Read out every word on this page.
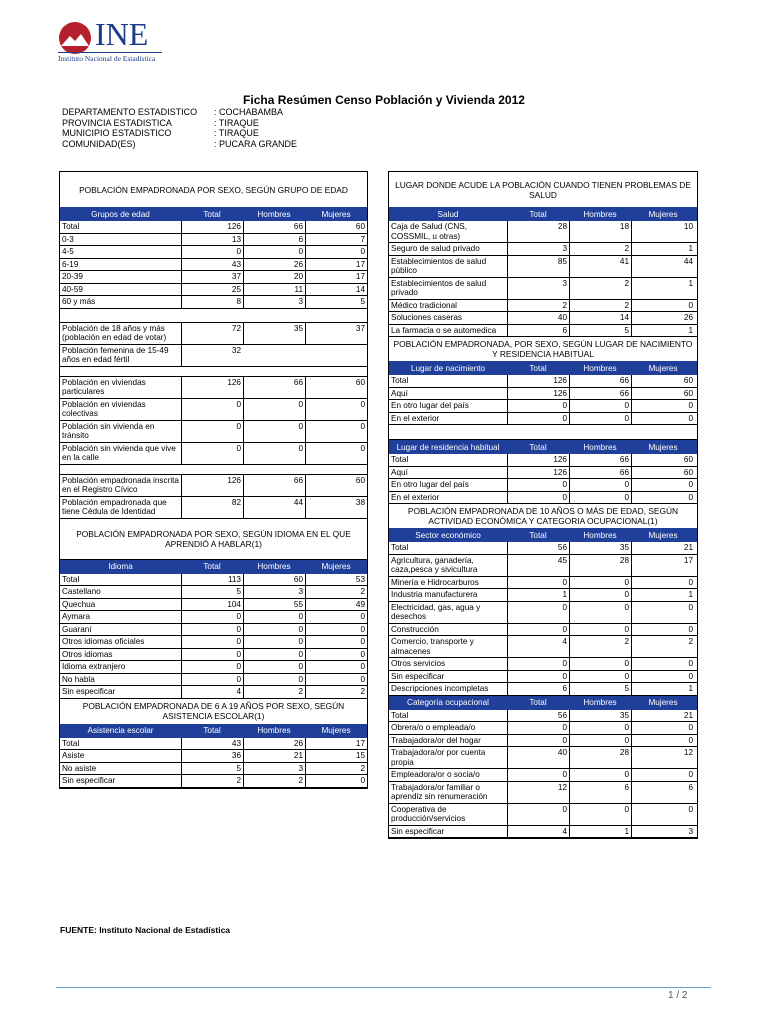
INE
Instituto Nacional de Estadística
Ficha Resúmen Censo Población y Vivienda 2012
DEPARTAMENTO ESTADISTICO	: COCHABAMBA
PROVINCIA ESTADISTICA	: TIRAQUE
MUNICIPIO ESTADISTICO	: TIRAQUE
COMUNIDAD(ES)	: PUCARA GRANDE
POBLACIÓN EMPADRONADA POR SEXO, SEGÚN GRUPO DE EDAD
Grupos de edad	Total	Hombres	Mujeres
Total	126	66	60
0-3	13	6	7
4-5	0	0	0
6-19	43	26	17
20-39	37	20	17
40-59	25	11	14
60 y más	8	3	5
Población de 18 años y más (población en edad de votar)
72	35	37
Población femenina de 15-49 años en edad fértil
32
Población en viviendas particulares
126	66	60
Población en viviendas colectivas
0	0	0
Población sin vivienda en tránsito
0	0	0
Población sin vivienda que vive en la calle
0	0	0
Población empadronada inscrita en el Registro Cívico
126	66	60
Población empadronada que tiene Cédula de Identidad
82	44	38
POBLACIÓN EMPADRONADA POR SEXO, SEGÚN IDIOMA EN EL QUE APRENDIÓ A HABLAR(1)
Idioma	Total	Hombres	Mujeres
Total	113	60	53
Castellano	5	3	2
Quechua	104	55	49
Aymara	0	0	0
Guaraní	0	0	0
Otros idiomas oficiales	0	0	0
Otros idiomas	0	0	0
Idioma extranjero	0	0	0
No habla	0	0	0
Sin especificar	4	2	2
POBLACIÓN EMPADRONADA DE 6 A 19 AÑOS POR SEXO, SEGÚN ASISTENCIA ESCOLAR(1)
Asistencia escolar	Total	Hombres	Mujeres
Total	43	26	17
Asiste	36	21	15
No asiste	5	3	2
Sin especificar	2	2	0
LUGAR DONDE ACUDE LA POBLACIÓN CUANDO TIENEN PROBLEMAS DE SALUD
Salud	Total	Hombres	Mujeres
Caja de Salud (CNS, COSSMIL, u otras)
28	18	10
Seguro de salud privado	3	2	1
Establecimientos de salud público
85	41	44
Establecimientos de salud privado
3	2	1
Médico tradicional	2	2	0
Soluciones caseras	40	14	26
La farmacia o se automedica	6	5	1
POBLACIÓN EMPADRONADA, POR SEXO, SEGÚN LUGAR DE NACIMIENTO Y RESIDENCIA HABITUAL
Lugar de nacimiento	Total	Hombres	Mujeres
Total	126	66	60
Aquí	126	66	60
En otro lugar del país	0	0	0
En el exterior	0	0	0
Lugar de residencia habitual	Total	Hombres	Mujeres
Total	126	66	60
Aquí	126	66	60
En otro lugar del país	0	0	0
En el exterior	0	0	0
POBLACIÓN EMPADRONADA DE 10 AÑOS O MÁS DE EDAD, SEGÚN ACTIVIDAD ECONÓMICA Y CATEGORIA OCUPACIONAL(1)
Sector económico	Total	Hombres	Mujeres
Total	56	35	21
Agricultura, ganadería, caza,pesca y sivicultura
45	28	17
Minería e Hidrocarburos	0	0	0
Industria manufacturera	1	0	1
Electricidad, gas, agua y desechos
0	0	0
Construcción	0	0	0
Comercio, transporte y almacenes
4	2	2
Otros servicios	0	0	0
Sin especificar	0	0	0
Descripciones incompletas	6	5	1
Categoría ocupacional	Total	Hombres	Mujeres
Total	56	35	21
Obrera/o o empleada/o	0	0	0
Trabajadora/or del hogar	0	0	0
Trabajadora/or por cuenta propia
40	28	12
Empleadora/or o socia/o	0	0	0
Trabajadora/or familiar o aprendiz sin renumeración
12	6	6
Cooperativa de producción/servicios
0	0	0
Sin especificar	4	1	3
FUENTE: Instituto Nacional de Estadística
1 / 2
